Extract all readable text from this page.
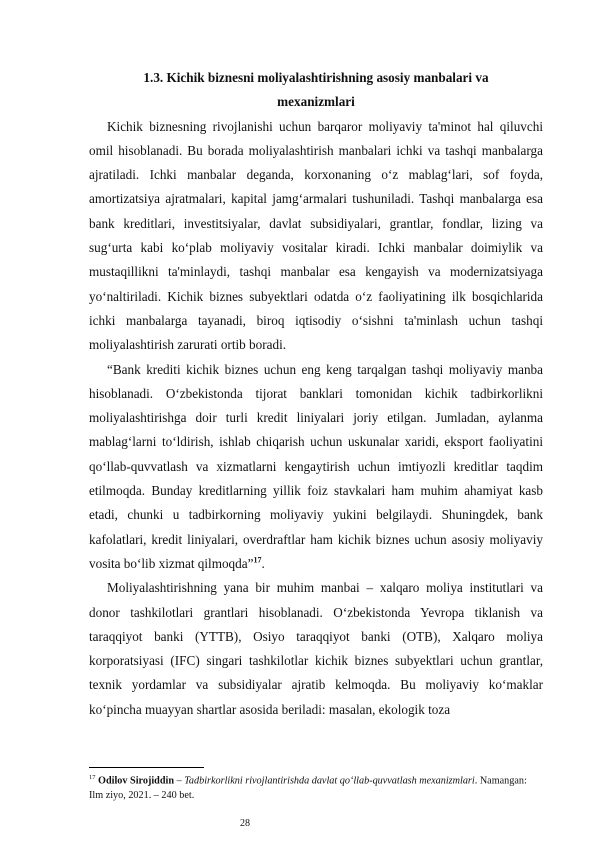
1.3. Kichik biznesni moliyalashtirishning asosiy manbalari va
mexanizmlari

Kichik biznesning rivojlanishi uchun barqaror moliyaviy ta'minot hal qiluvchi omil hisoblanadi. Bu borada moliyalashtirish manbalari ichki va tashqi manbalarga ajratiladi. Ichki manbalar deganda, korxonaning o‘z mablag‘lari, sof foyda, amortizatsiya ajratmalari, kapital jamg‘armalari tushuniladi. Tashqi manbalarga esa bank kreditlari, investitsiyalar, davlat subsidiyalari, grantlar, fondlar, lizing va sug‘urta kabi ko‘plab moliyaviy vositalar kiradi. Ichki manbalar doimiylik va mustaqillikni ta'minlaydi, tashqi manbalar esa kengayish va modernizatsiyaga yo‘naltiriladi. Kichik biznes subyektlari odatda o‘z faoliyatining ilk bosqichlarida ichki manbalarga tayanadi, biroq iqtisodiy o‘sishni ta'minlash uchun tashqi moliyalashtirish zarurati ortib boradi.

“Bank krediti kichik biznes uchun eng keng tarqalgan tashqi moliyaviy manba hisoblanadi. O‘zbekistonda tijorat banklari tomonidan kichik tadbirkorlikni moliyalashtirishga doir turli kredit liniyalari joriy etilgan. Jumladan, aylanma mablag‘larni to‘ldirish, ishlab chiqarish uchun uskunalar xaridi, eksport faoliyatini qo‘llab-quvvatlash va xizmatlarni kengaytirish uchun imtiyozli kreditlar taqdim etilmoqda. Bunday kreditlarning yillik foiz stavkalari ham muhim ahamiyat kasb etadi, chunki u tadbirkorning moliyaviy yukini belgilaydi. Shuningdek, bank kafolatlari, kredit liniyalari, overdraftlar ham kichik biznes uchun asosiy moliyaviy vosita bo‘lib xizmat qilmoqda”$^{17}$.

Moliyalashtirishning yana bir muhim manbai – xalqaro moliya institutlari va donor tashkilotlari grantlari hisoblanadi. O‘zbekistonda Yevropa tiklanish va taraqqiyot banki (YTTB), Osiyo taraqqiyot banki (OTB), Xalqaro moliya korporatsiyasi (IFC) singari tashkilotlar kichik biznes subyektlari uchun grantlar, texnik yordamlar va subsidiyalar ajratib kelmoqda. Bu moliyaviy ko‘maklar ko‘pincha muayyan shartlar asosida beriladi: masalan, ekologik toza

$^{17}$ Odilov Sirojiddin – Tadbirkorlikni rivojlantirishda davlat qo‘llab-quvvatlash mexanizmlari. Namangan: Ilm ziyo, 2021. – 240 bet.
28
